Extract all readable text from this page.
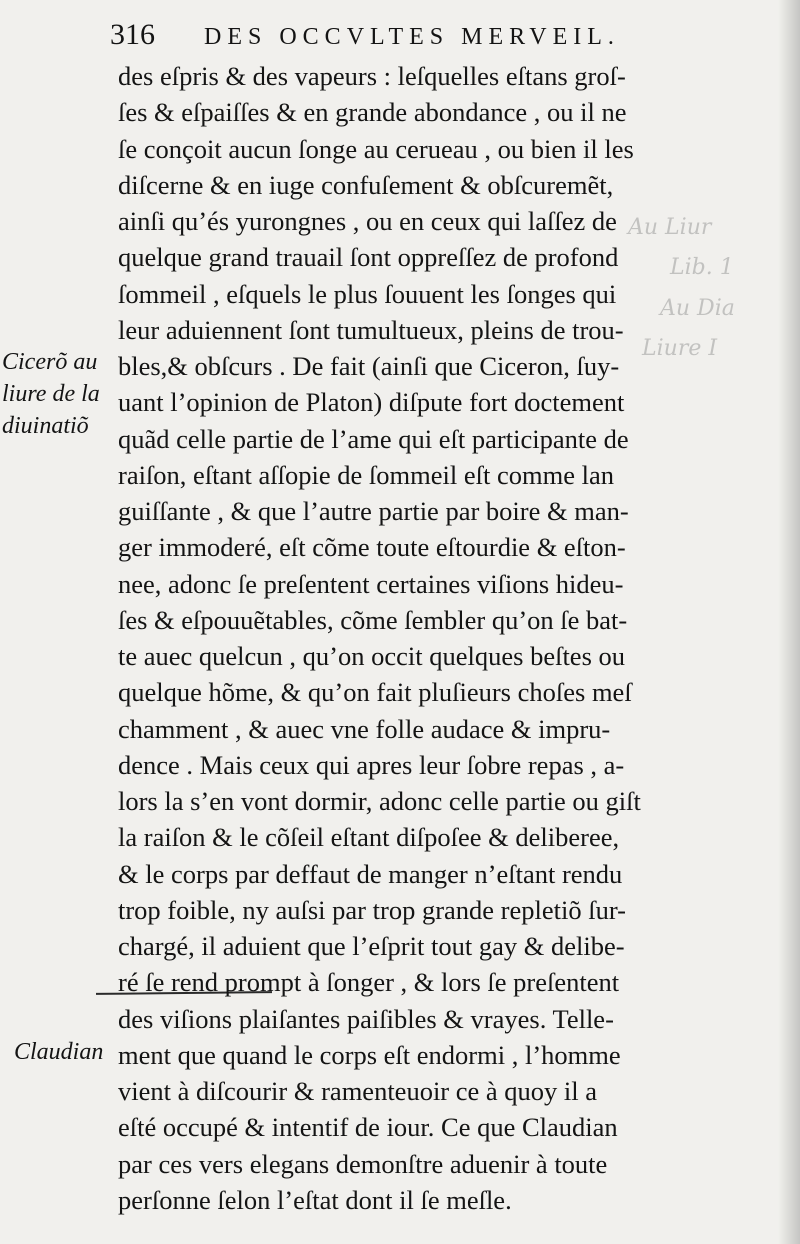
Au Liur
Lib. 1
Au Dia
Liure I
316 DES OCCVLTES MERVEIL.
Cicerõ au
liure de la
diuinatiõ
Claudian
des eſpris & des vapeurs : leſquelles eſtans groſ-
ſes & eſpaiſſes & en grande abondance , ou il ne
ſe conçoit aucun ſonge au cerueau , ou bien il les
diſcerne & en iuge confuſement & obſcuremẽt,
ainſi qu’és yurongnes , ou en ceux qui laſſez de
quelque grand trauail ſont oppreſſez de profond
ſommeil , eſquels le plus ſouuent les ſonges qui
leur aduiennent ſont tumultueux, pleins de trou-
bles,& obſcurs . De fait (ainſi que Ciceron, ſuy-
uant l’opinion de Platon) diſpute fort doctement
quãd celle partie de l’ame qui eſt participante de
raiſon, eſtant aſſopie de ſommeil eſt comme lan
guiſſante , & que l’autre partie par boire & man-
ger immoderé, eſt cõme toute eſtourdie & eſton-
nee, adonc ſe preſentent certaines viſions hideu-
ſes & eſpouuẽtables, cõme ſembler qu’on ſe bat-
te auec quelcun , qu’on occit quelques beſtes ou
quelque hõme, & qu’on fait pluſieurs choſes meſ
chamment , & auec vne folle audace & impru-
dence . Mais ceux qui apres leur ſobre repas , a-
lors la s’en vont dormir, adonc celle partie ou giſt
la raiſon & le cõſeil eſtant diſpoſee & deliberee,
& le corps par deffaut de manger n’eſtant rendu
trop foible, ny auſsi par trop grande repletiõ ſur-
chargé, il aduient que l’eſprit tout gay & delibe-
ré ſe rend prompt à ſonger , & lors ſe preſentent
des viſions plaiſantes paiſibles & vrayes. Telle-
ment que quand le corps eſt endormi , l’homme
vient à diſcourir & ramenteuoir ce à quoy il a
eſté occupé & intentif de iour. Ce que Claudian
par ces vers elegans demonſtre aduenir à toute
perſonne ſelon l’eſtat dont il ſe meſle.
